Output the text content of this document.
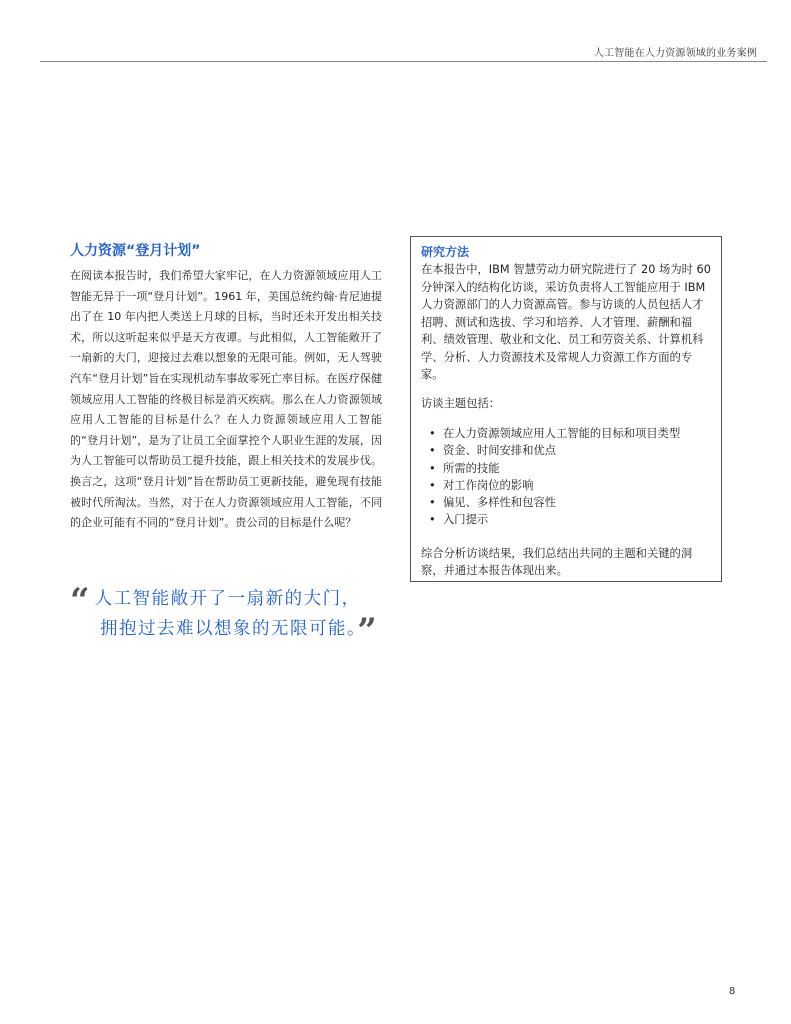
人工智能在人力资源领域的业务案例
人力资源“登月计划”
在阅读本报告时，我们希望大家牢记，在人力资源领域应用人工智能无异于一项“登月计划”。1961 年，美国总统约翰·肯尼迪提出了在 10 年内把人类送上月球的目标，当时还未开发出相关技术，所以这听起来似乎是天方夜谭。与此相似，人工智能敞开了一扇新的大门，迎接过去难以想象的无限可能。例如，无人驾驶汽车“登月计划”旨在实现机动车事故零死亡率目标。在医疗保健领域应用人工智能的终极目标是消灭疾病。那么在人力资源领域应用人工智能的目标是什么？在人力资源领域应用人工智能的“登月计划”，是为了让员工全面掌控个人职业生涯的发展，因为人工智能可以帮助员工提升技能，跟上相关技术的发展步伐。换言之，这项“登月计划”旨在帮助员工更新技能，避免现有技能被时代所淘汰。当然，对于在人力资源领域应用人工智能，不同的企业可能有不同的“登月计划”。贵公司的目标是什么呢？
“ 人工智能敞开了一扇新的大门，
拥抱过去难以想象的无限可能。”
研究方法

在本报告中，IBM 智慧劳动力研究院进行了 20 场为时 60 分钟深入的结构化访谈，采访负责将人工智能应用于 IBM 人力资源部门的人力资源高管。参与访谈的人员包括人才招聘、测试和选拔、学习和培养、人才管理、薪酬和福利、绩效管理、敬业和文化、员工和劳资关系、计算机科学、分析、人力资源技术及常规人力资源工作方面的专家。

访谈主题包括：

• 在人力资源领域应用人工智能的目标和项目类型
• 资金、时间安排和优点
• 所需的技能
• 对工作岗位的影响
• 偏见、多样性和包容性
• 入门提示

综合分析访谈结果，我们总结出共同的主题和关键的洞察，并通过本报告体现出来。

8
